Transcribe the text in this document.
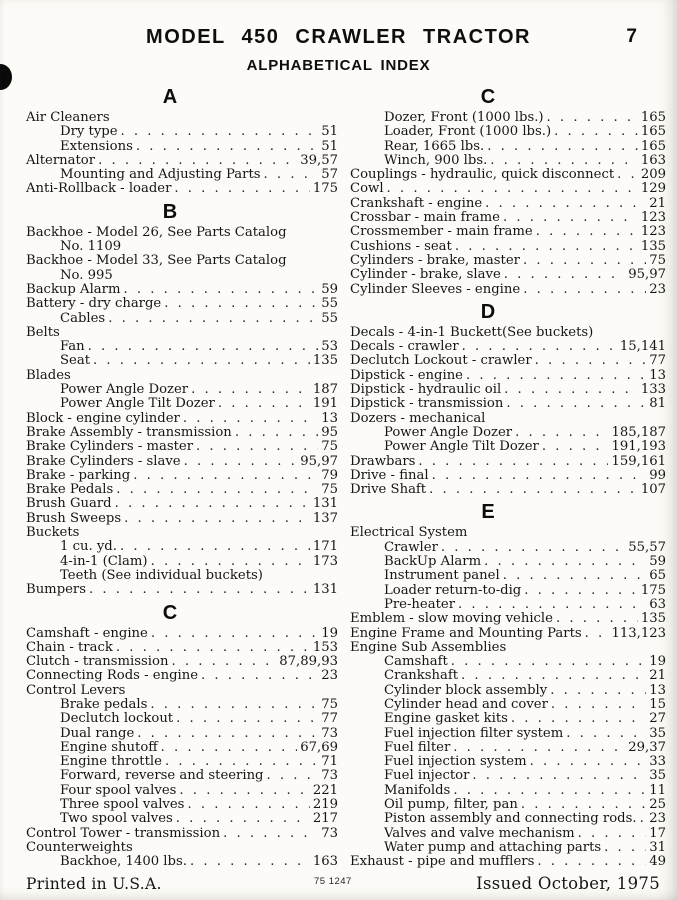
MODEL 450 CRAWLER TRACTOR	7
ALPHABETICAL INDEX
A
Air Cleaners
Dry type . . .	51
Extensions . . .	51
Alternator . . .	39,57
Mounting and Adjusting Parts . . .	57
Anti-Rollback - loader . . .	175
B
Backhoe - Model 26, See Parts Catalog
No. 1109
Backhoe - Model 33, See Parts Catalog
No. 995
Backup Alarm . . .	59
Battery - dry charge . . .	55
Cables . . .	55
Belts
Fan . . .	53
Seat . . .	135
Blades
Power Angle Dozer . . .	187
Power Angle Tilt Dozer . . .	191
Block - engine cylinder . . .	13
Brake Assembly - transmission . . .	95
Brake Cylinders - master . . .	75
Brake Cylinders - slave . . .	95,97
Brake - parking . . .	79
Brake Pedals . . .	75
Brush Guard . . .	131
Brush Sweeps . . .	137
Buckets
1 cu. yd. . . .	171
4-in-1 (Clam) . . .	173
Teeth (See individual buckets)
Bumpers . . .	131
C
Camshaft - engine . . .	19
Chain - track . . .	153
Clutch - transmission . . .	87,89,93
Connecting Rods - engine . . .	23
Control Levers
Brake pedals . . .	75
Declutch lockout . . .	77
Dual range . . .	73
Engine shutoff . . .	67,69
Engine throttle . . .	71
Forward, reverse and steering . . .	73
Four spool valves . . .	221
Three spool valves . . .	219
Two spool valves . . .	217
Control Tower - transmission . . .	73
Counterweights
Backhoe, 1400 lbs. . . .	163
C
Dozer, Front (1000 lbs.) . . .	165
Loader, Front (1000 lbs.) . . .	165
Rear, 1665 lbs. . . .	165
Winch, 900 lbs. . . .	163
Couplings - hydraulic, quick disconnect . . . 209
Cowl . . .	129
Crankshaft - engine . . .	21
Crossbar - main frame . . .	123
Crossmember - main frame . . .	123
Cushions - seat . . .	135
Cylinders - brake, master . . .	75
Cylinder - brake, slave . . .	95,97
Cylinder Sleeves - engine . . .	23
D
Decals - 4-in-1 Buckett(See buckets)
Decals - crawler . . .	15,141
Declutch Lockout - crawler . . .	77
Dipstick - engine . . .	13
Dipstick - hydraulic oil . . .	133
Dipstick - transmission . . .	81
Dozers - mechanical
Power Angle Dozer . . .	185,187
Power Angle Tilt Dozer . . .	191,193
Drawbars . . .	159,161
Drive - final . . .	99
Drive Shaft . . .	107
E
Electrical System
Crawler . . .	55,57
BackUp Alarm . . .	59
Instrument panel . . .	65
Loader return-to-dig . . .	175
Pre-heater . . .	63
Emblem - slow moving vehicle . . .	135
Engine Frame and Mounting Parts . . . 113,123
Engine Sub Assemblies
Camshaft . . .	19
Crankshaft . . .	21
Cylinder block assembly . . .	13
Cylinder head and cover . . .	15
Engine gasket kits . . .	27
Fuel injection filter system . . .	35
Fuel filter . . .	29,37
Fuel injection system . . .	33
Fuel injector . . .	35
Manifolds . . .	11
Oil pump, filter, pan . . .	25
Piston assembly and connecting rods. . . . 23
Valves and valve mechanism . . .	17
Water pump and attaching parts . . .	31
Exhaust - pipe and mufflers . . .	49
Printed in U.S.A.	75 1247	Issued October, 1975
